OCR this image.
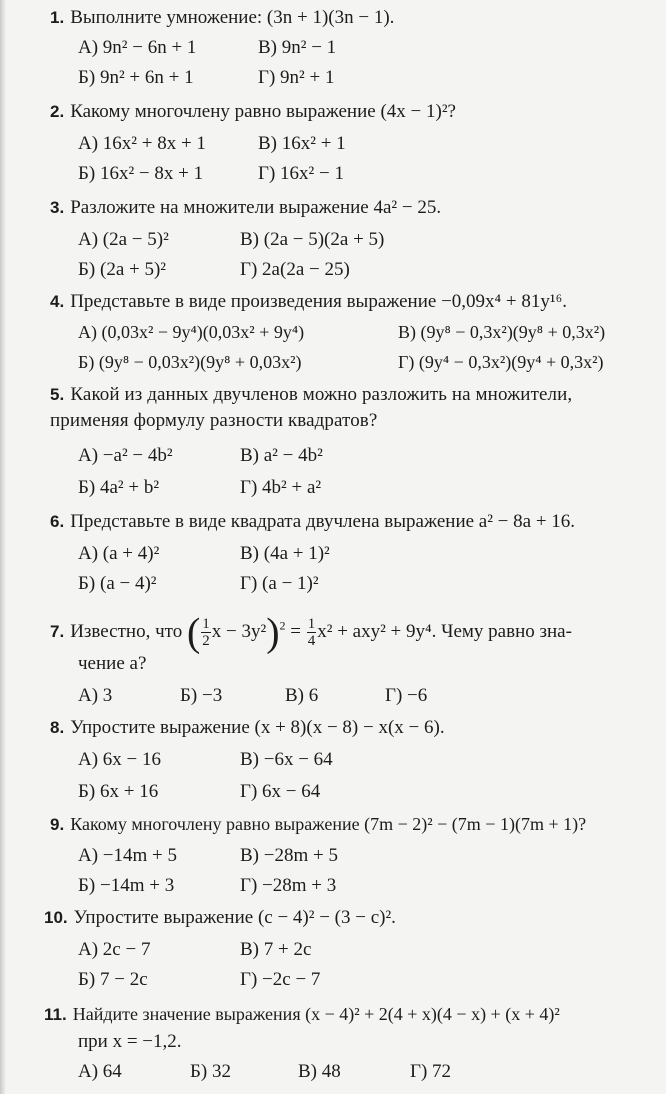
1. Выполните умножение: (3n + 1)(3n − 1).
А) 9n² − 6n + 1	В) 9n² − 1
Б) 9n² + 6n + 1	Г) 9n² + 1
2. Какому многочлену равно выражение (4x − 1)²?
А) 16x² + 8x + 1	В) 16x² + 1
Б) 16x² − 8x + 1	Г) 16x² − 1
3. Разложите на множители выражение 4a² − 25.
А) (2a − 5)²	В) (2a − 5)(2a + 5)
Б) (2a + 5)²	Г) 2a(2a − 25)
4. Представьте в виде произведения выражение −0,09x⁴ + 81y¹⁶.
А) (0,03x² − 9y⁴)(0,03x² + 9y⁴)	В) (9y⁸ − 0,3x²)(9y⁸ + 0,3x²)
Б) (9y⁸ − 0,03x²)(9y⁸ + 0,03x²)	Г) (9y⁴ − 0,3x²)(9y⁴ + 0,3x²)
5. Какой из данных двучленов можно разложить на множители, применяя формулу разности квадратов?
А) −a² − 4b²	В) a² − 4b²
Б) 4a² + b²	Г) 4b² + a²
6. Представьте в виде квадрата двучлена выражение a² − 8a + 16.
А) (a + 4)²	В) (4a + 1)²
Б) (a − 4)²	Г) (a − 1)²
7. Известно, что ( $\frac{1}{2}$ $x - 3y^2)^2 = \frac{1}{4} x^2 + axy^2 + 9y^4$. Чему равно зна-
чение a?
А) 3	Б) −3	В) 6	Г) −6
8. Упростите выражение (x + 8)(x − 8) − x(x − 6).
А) 6x − 16	В) −6x − 64
Б) 6x + 16	Г) 6x − 64
9. Какому многочлену равно выражение (7m − 2)² − (7m − 1)(7m + 1)?
А) −14m + 5	В) −28m + 5
Б) −14m + 3	Г) −28m + 3
10. Упростите выражение (c − 4)² − (3 − c)².
А) 2c − 7	В) 7 + 2c
Б) 7 − 2c	Г) −2c − 7
11. Найдите значение выражения (x − 4)² + 2(4 + x)(4 − x) + (x + 4)²
при x = −1,2.
А) 64	Б) 32	В) 48	Г) 72
